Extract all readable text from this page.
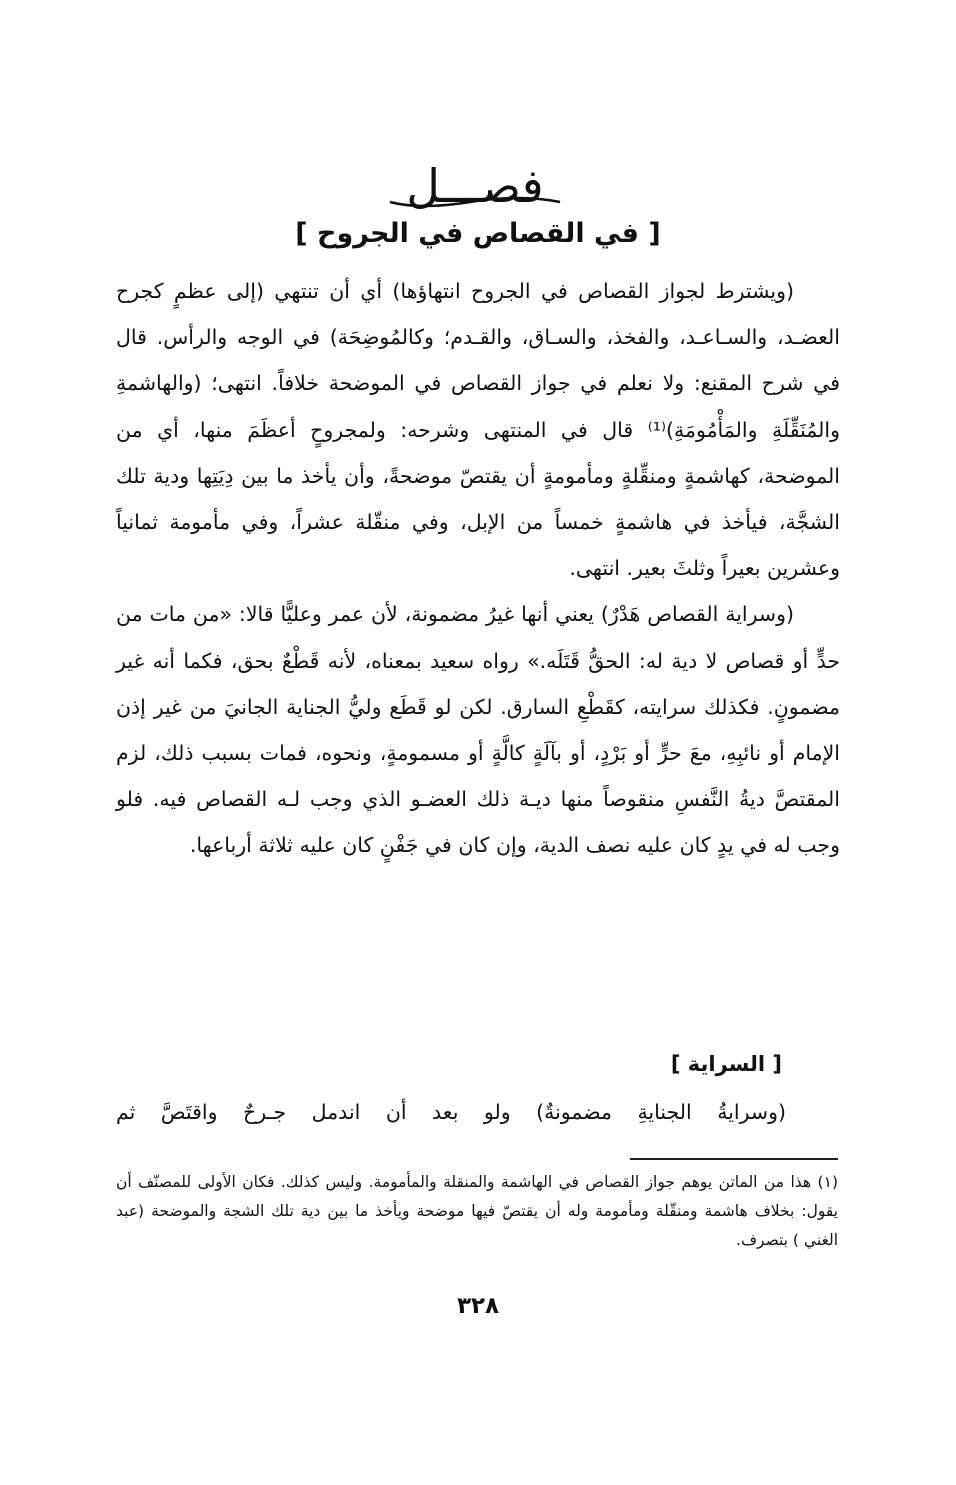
فصـــل
[ في القصاص في الجروح ]

(ويشترط لجواز القصاص في الجروح انتهاؤها) أي أن تنتهي (إلى عظمٍ كجرح العضـد، والسـاعـد، والفخذ، والسـاق، والقـدم؛ وكالمُوضِحَة) في الوجه والرأس. قال في شرح المقنع: ولا نعلم في جواز القصاص في الموضحة خلافاً. انتهى؛ (والهاشمةِ والمُنَقِّلَةِ والمَأْمُومَةِ)⁽¹⁾ قال في المنتهى وشرحه: ولمجروحٍ أعظَمَ منها، أي من الموضحة، كهاشمةٍ ومنقِّلةٍ ومأمومةٍ أن يقتصّ موضحةً، وأن يأخذ ما بين دِيَتِها ودية تلك الشجَّة، فيأخذ في هاشمةٍ خمساً من الإبل، وفي منقّلة عشراً، وفي مأمومة ثمانياً وعشرين بعيراً وثلثَ بعير. انتهى.

(وسراية القصاص هَدْرٌ) يعني أنها غيرُ مضمونة، لأن عمر وعليًّا قالا: «من مات من حدٍّ أو قصاص لا دية له: الحقُّ قَتَلَه.» رواه سعيد بمعناه، لأنه قَطْعٌ بحق، فكما أنه غير مضمونٍ. فكذلك سرايته، كقَطْعِ السارق. لكن لو قَطَع وليُّ الجناية الجانيَ من غير إذن الإمام أو نائبِهِ، معَ حرٍّ أو بَرْدٍ، أو بآلَةٍ كالَّةٍ أو مسمومةٍ، ونحوه، فمات بسبب ذلك، لزم المقتصَّ ديةُ النَّفسِ منقوصاً منها ديـة ذلك العضـو الذي وجب لـه القصاص فيه. فلو وجب له في يدٍ كان عليه نصف الدية، وإن كان في جَفْنٍ كان عليه ثلاثة أرباعها.

[ السراية ]
(وسرايةُ الجنايةِ مضمونةٌ) ولو بعد أن اندمل جـرحٌ واقتَصَّ ثم

(١) هذا من الماتن يوهم جواز القصاص في الهاشمة والمنقلة والمأمومة. وليس كذلك. فكان الأولى للمصنّف أن يقول: بخلاف هاشمة ومنقّلة ومأمومة وله أن يقتصّ فيها موضحة ويأخذ ما بين دية تلك الشجة والموضحة (عبد الغني ) بتصرف.

٣٢٨
